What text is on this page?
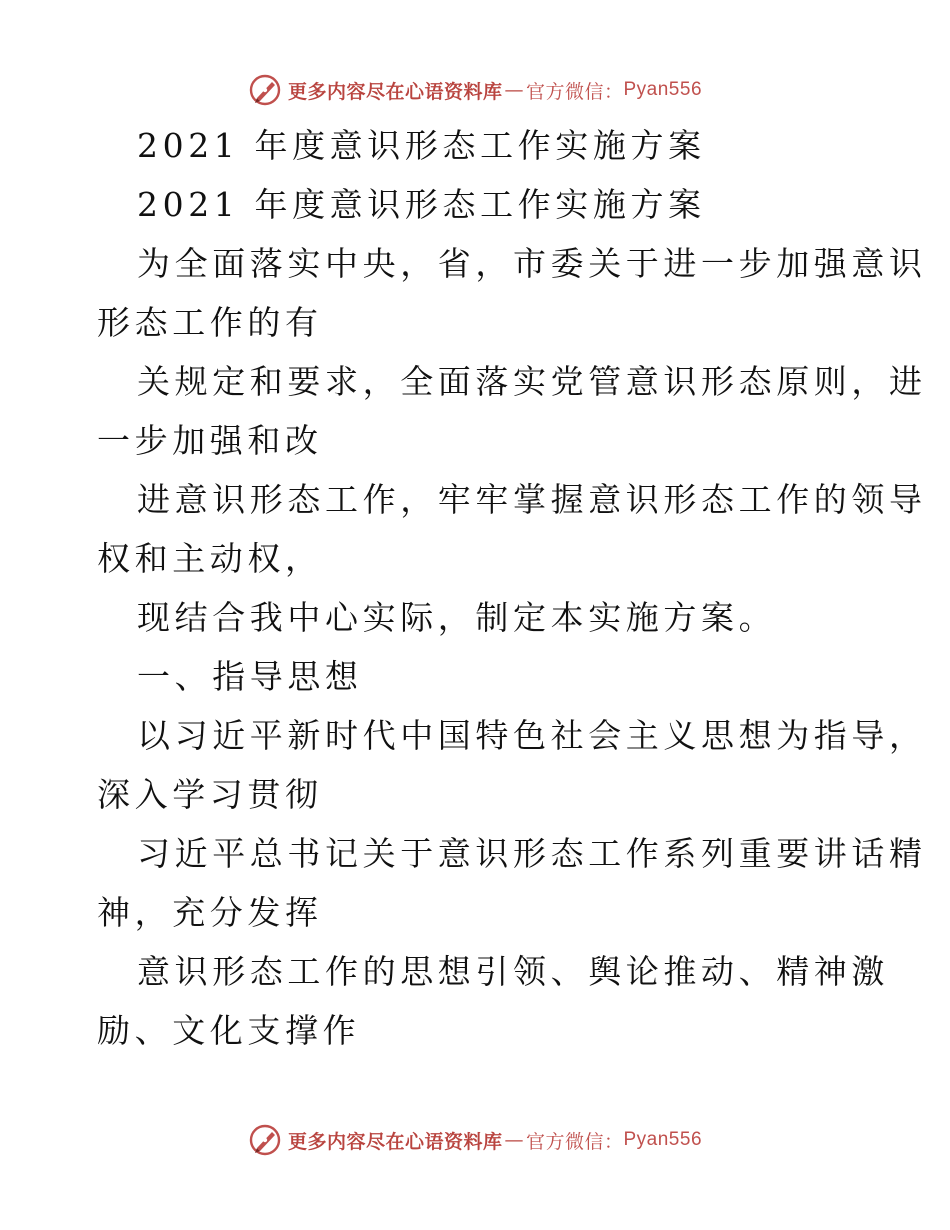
更多内容尽在心语资料库 — 官方微信： Pyan556
2021 年度意识形态工作实施方案
2021 年度意识形态工作实施方案
为全面落实中央，省，市委关于进一步加强意识
形态工作的有
关规定和要求，全面落实党管意识形态原则，进
一步加强和改
进意识形态工作，牢牢掌握意识形态工作的领导
权和主动权，
现结合我中心实际，制定本实施方案。
一、指导思想
以习近平新时代中国特色社会主义思想为指导，
深入学习贯彻
习近平总书记关于意识形态工作系列重要讲话精
神，充分发挥
意识形态工作的思想引领、舆论推动、精神激
励、文化支撑作
更多内容尽在心语资料库 — 官方微信： Pyan556
